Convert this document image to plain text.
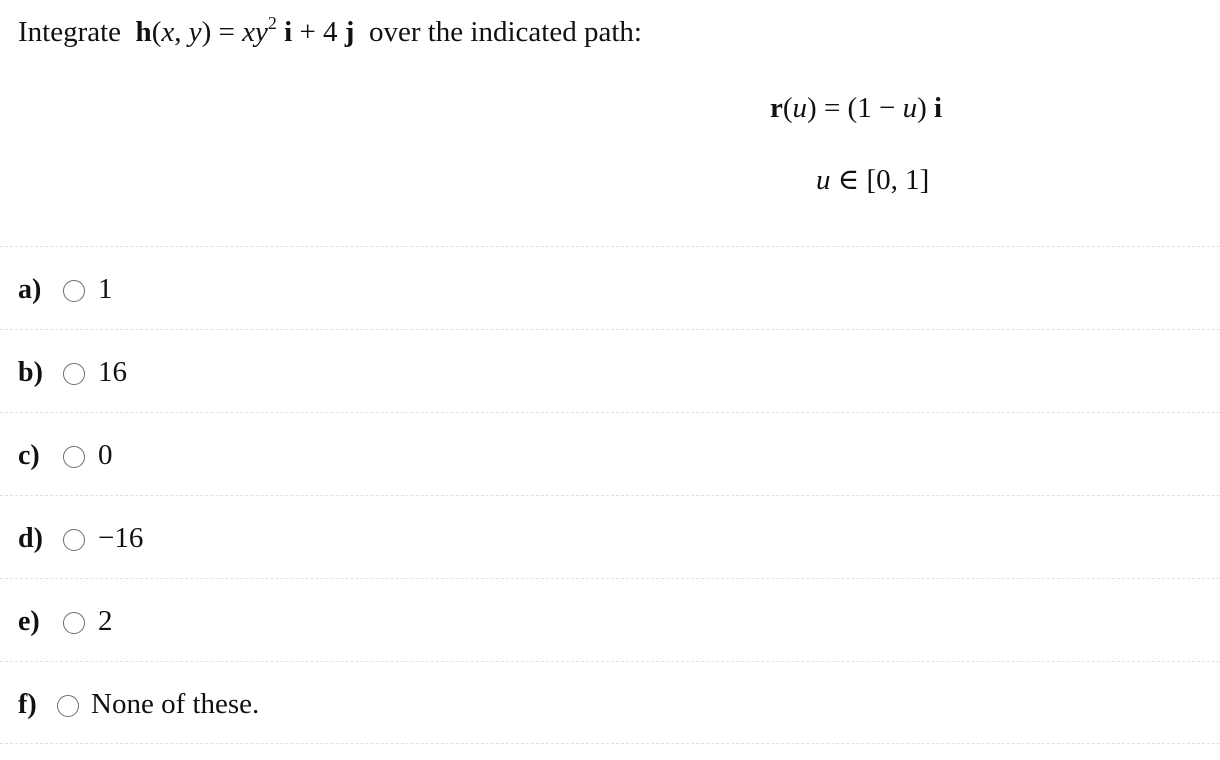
Integrate h(x, $y) = xy^2$ i + 4 j over the indicated path:
r(u) = (1 − u) i
u ∈ [0, 1]
a) 1
b) 16
c) 0
d) −16
e) 2
f) None of these.
